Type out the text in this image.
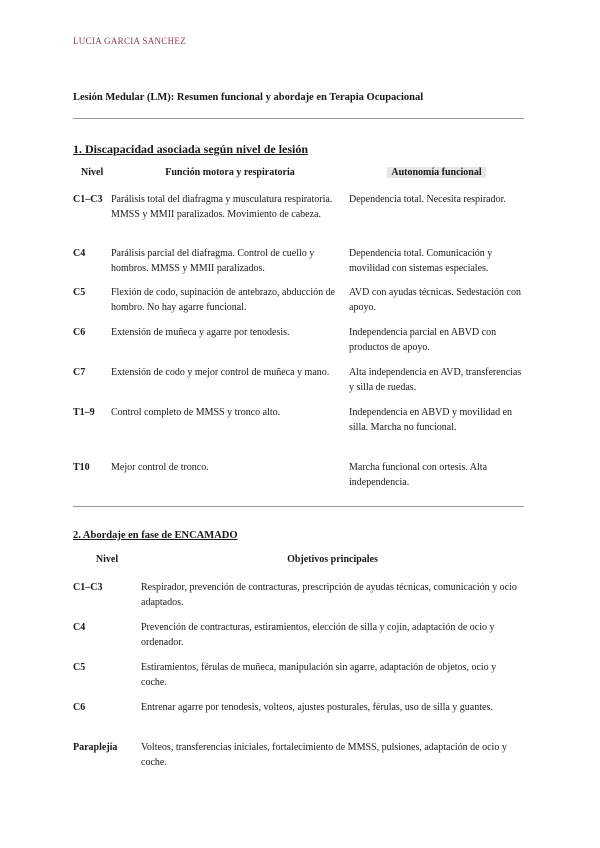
LUCIA GARCIA SANCHEZ
Lesión Medular (LM): Resumen funcional y abordaje en Terapia Ocupacional
1. Discapacidad asociada según nivel de lesión
Nivel	Función motora y respiratoria	Autonomía funcional
C1–C3	Parálisis total del diafragma y musculatura respiratoria. MMSS y MMII paralizados. Movimiento de cabeza.	Dependencia total. Necesita respirador.
C4	Parálisis parcial del diafragma. Control de cuello y hombros. MMSS y MMII paralizados.	Dependencia total. Comunicación y movilidad con sistemas especiales.
C5	Flexión de codo, supinación de antebrazo, abducción de hombro. No hay agarre funcional.	AVD con ayudas técnicas. Sedestación con apoyo.
C6	Extensión de muñeca y agarre por tenodesis.	Independencia parcial en ABVD con productos de apoyo.
C7	Extensión de codo y mejor control de muñeca y mano.	Alta independencia en AVD, transferencias y silla de ruedas.
T1–9	Control completo de MMSS y tronco alto.	Independencia en ABVD y movilidad en silla. Marcha no funcional.
T10	Mejor control de tronco.	Marcha funcional con ortesis. Alta independencia.
2. Abordaje en fase de ENCAMADO
Nivel	Objetivos principales
C1–C3	Respirador, prevención de contracturas, prescripción de ayudas técnicas, comunicación y ocio adaptados.
C4	Prevención de contracturas, estiramientos, elección de silla y cojín, adaptación de ocio y ordenador.
C5	Estiramientos, férulas de muñeca, manipulación sin agarre, adaptación de objetos, ocio y coche.
C6	Entrenar agarre por tenodesis, volteos, ajustes posturales, férulas, uso de silla y guantes.
Paraplejía	Volteos, transferencias iniciales, fortalecimiento de MMSS, pulsiones, adaptación de ocio y coche.
